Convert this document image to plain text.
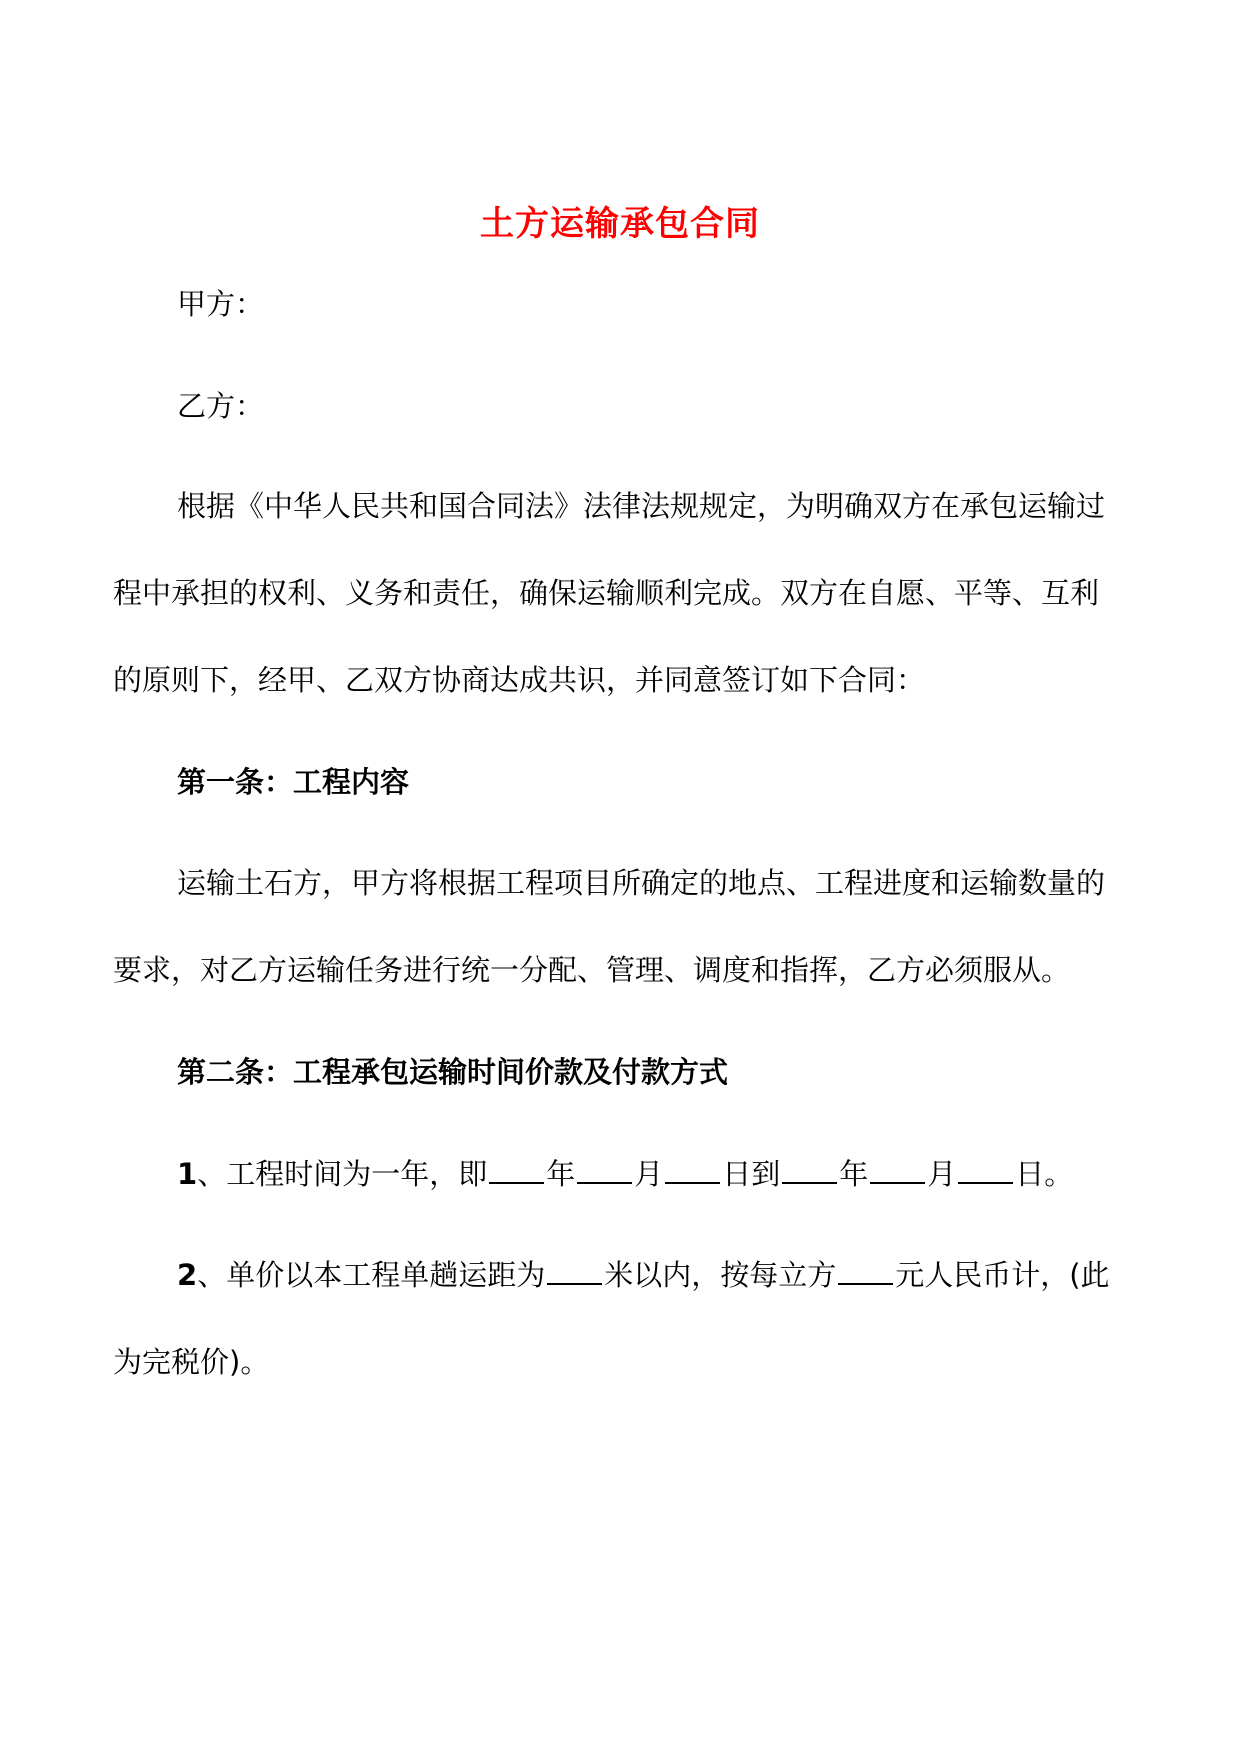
土方运输承包合同
甲方：
乙方：
根据《中华人民共和国合同法》法律法规规定，为明确双方在承包运输过
程中承担的权利、义务和责任，确保运输顺利完成。双方在自愿、平等、互利
的原则下，经甲、乙双方协商达成共识，并同意签订如下合同：
第一条：工程内容
运输土石方，甲方将根据工程项目所确定的地点、工程进度和运输数量的
要求，对乙方运输任务进行统一分配、管理、调度和指挥，乙方必须服从。
第二条：工程承包运输时间价款及付款方式
1、工程时间为一年，即 年 月 日到 年 月 日。
2、单价以本工程单趟运距为 米以内，按每立方 元人民币计，(此
为完税价)。
